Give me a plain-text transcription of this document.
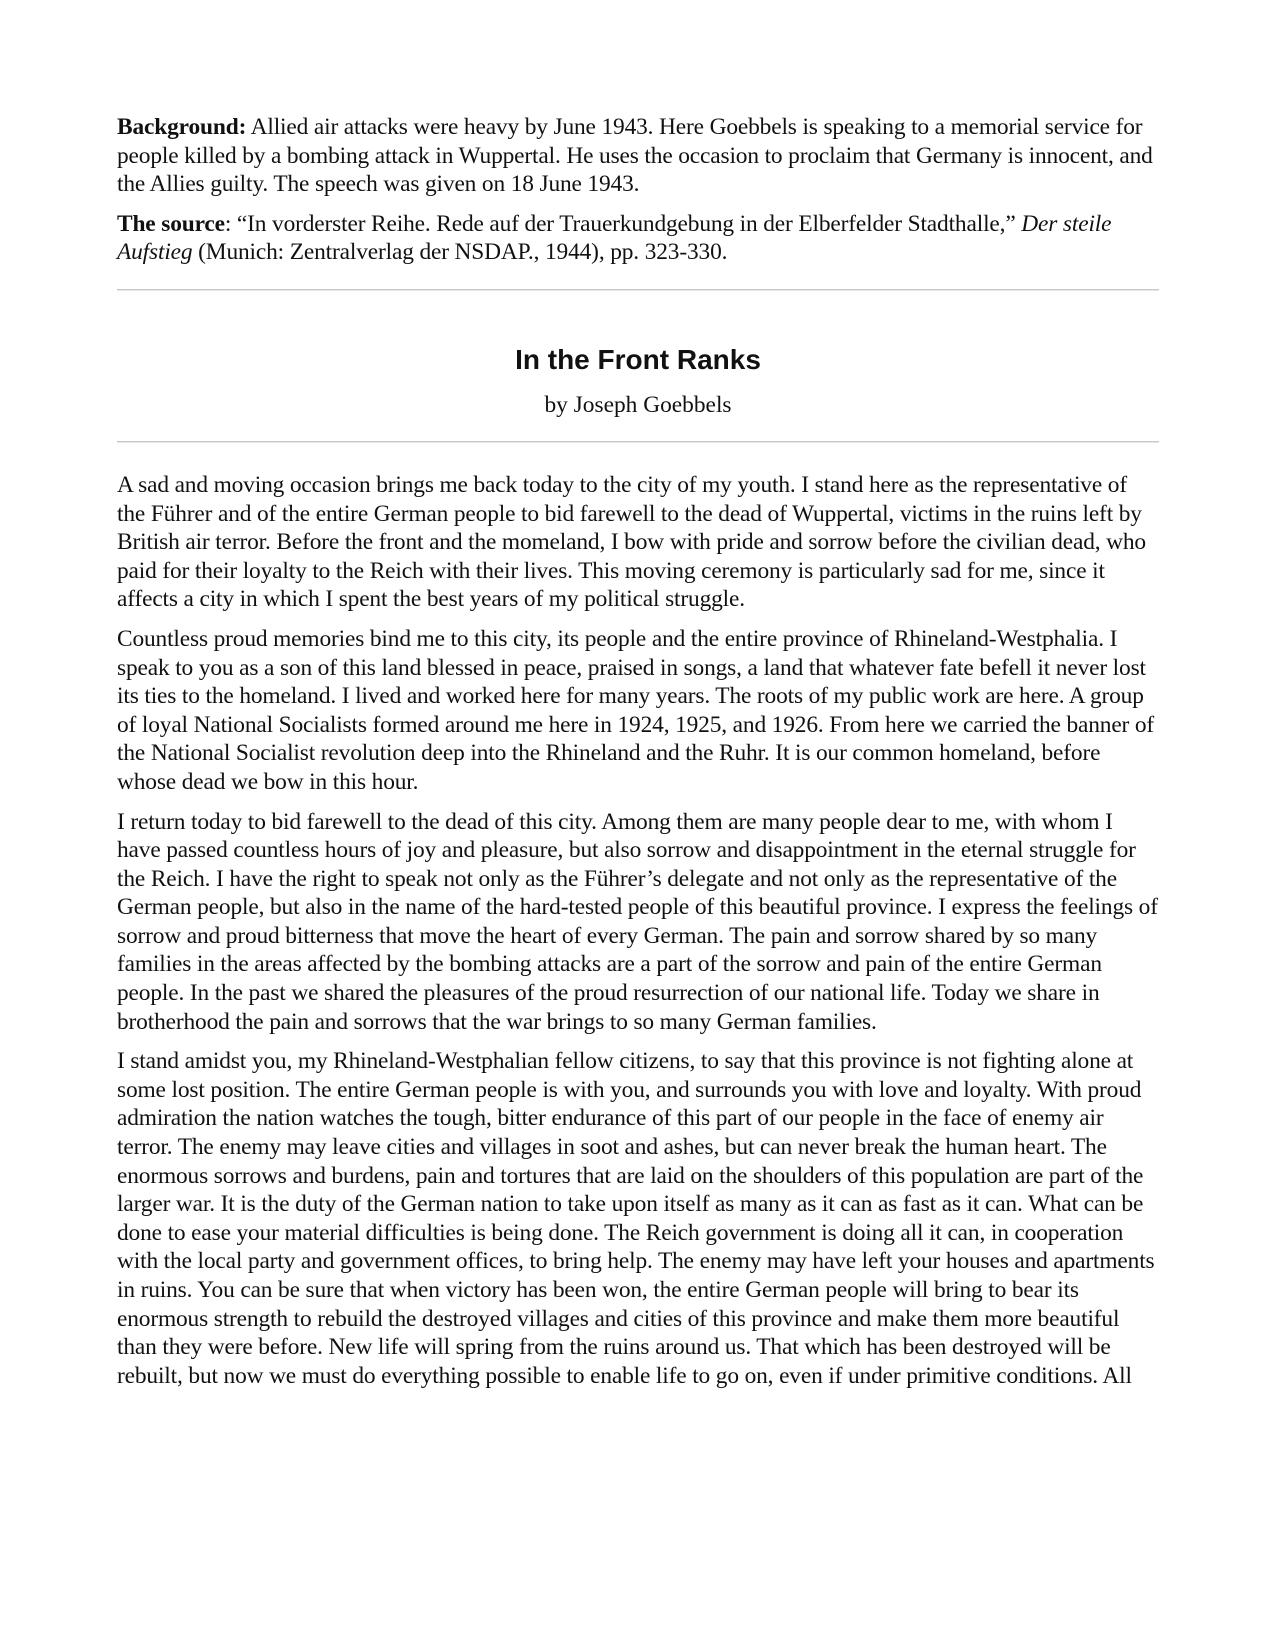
Background: Allied air attacks were heavy by June 1943. Here Goebbels is speaking to a memorial service for people killed by a bombing attack in Wuppertal. He uses the occasion to proclaim that Germany is innocent, and the Allies guilty. The speech was given on 18 June 1943.

The source: “In vorderster Reihe. Rede auf der Trauerkundgebung in der Elberfelder Stadthalle,” Der steile Aufstieg (Munich: Zentralverlag der NSDAP., 1944), pp. 323-330.

In the Front Ranks

by Joseph Goebbels

A sad and moving occasion brings me back today to the city of my youth. I stand here as the representative of the Führer and of the entire German people to bid farewell to the dead of Wuppertal, victims in the ruins left by British air terror. Before the front and the momeland, I bow with pride and sorrow before the civilian dead, who paid for their loyalty to the Reich with their lives. This moving ceremony is particularly sad for me, since it affects a city in which I spent the best years of my political struggle.

Countless proud memories bind me to this city, its people and the entire province of Rhineland-Westphalia. I speak to you as a son of this land blessed in peace, praised in songs, a land that whatever fate befell it never lost its ties to the homeland. I lived and worked here for many years. The roots of my public work are here. A group of loyal National Socialists formed around me here in 1924, 1925, and 1926. From here we carried the banner of the National Socialist revolution deep into the Rhineland and the Ruhr. It is our common homeland, before whose dead we bow in this hour.

I return today to bid farewell to the dead of this city. Among them are many people dear to me, with whom I have passed countless hours of joy and pleasure, but also sorrow and disappointment in the eternal struggle for the Reich. I have the right to speak not only as the Führer’s delegate and not only as the representative of the German people, but also in the name of the hard-tested people of this beautiful province. I express the feelings of sorrow and proud bitterness that move the heart of every German. The pain and sorrow shared by so many families in the areas affected by the bombing attacks are a part of the sorrow and pain of the entire German people. In the past we shared the pleasures of the proud resurrection of our national life. Today we share in brotherhood the pain and sorrows that the war brings to so many German families.

I stand amidst you, my Rhineland-Westphalian fellow citizens, to say that this province is not fighting alone at some lost position. The entire German people is with you, and surrounds you with love and loyalty. With proud admiration the nation watches the tough, bitter endurance of this part of our people in the face of enemy air terror. The enemy may leave cities and villages in soot and ashes, but can never break the human heart. The enormous sorrows and burdens, pain and tortures that are laid on the shoulders of this population are part of the larger war. It is the duty of the German nation to take upon itself as many as it can as fast as it can. What can be done to ease your material difficulties is being done. The Reich government is doing all it can, in cooperation with the local party and government offices, to bring help. The enemy may have left your houses and apartments in ruins. You can be sure that when victory has been won, the entire German people will bring to bear its enormous strength to rebuild the destroyed villages and cities of this province and make them more beautiful than they were before. New life will spring from the ruins around us. That which has been destroyed will be rebuilt, but now we must do everything possible to enable life to go on, even if under primitive conditions. All
